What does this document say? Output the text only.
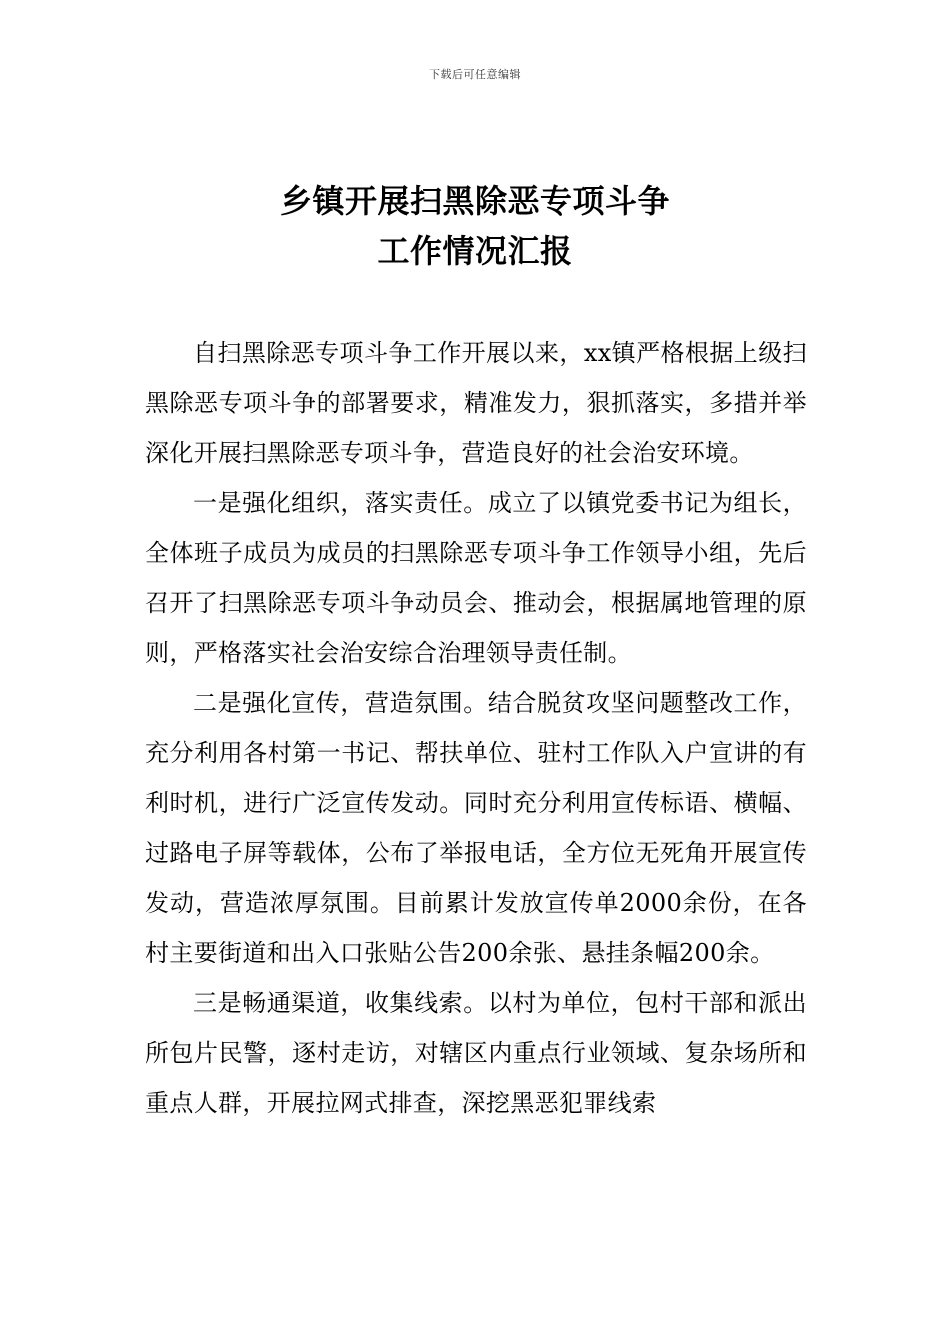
下载后可任意编辑
乡镇开展扫黑除恶专项斗争
工作情况汇报

自扫黑除恶专项斗争工作开展以来，xx镇严格根据上级扫黑除恶专项斗争的部署要求，精准发力，狠抓落实，多措并举深化开展扫黑除恶专项斗争，营造良好的社会治安环境。

一是强化组织，落实责任。成立了以镇党委书记为组长，全体班子成员为成员的扫黑除恶专项斗争工作领导小组，先后召开了扫黑除恶专项斗争动员会、推动会，根据属地管理的原则，严格落实社会治安综合治理领导责任制。

二是强化宣传，营造氛围。结合脱贫攻坚问题整改工作，充分利用各村第一书记、帮扶单位、驻村工作队入户宣讲的有利时机，进行广泛宣传发动。同时充分利用宣传标语、横幅、过路电子屏等载体，公布了举报电话，全方位无死角开展宣传发动，营造浓厚氛围。目前累计发放宣传单2000余份，在各村主要街道和出入口张贴公告200余张、悬挂条幅200余。

三是畅通渠道，收集线索。以村为单位，包村干部和派出所包片民警，逐村走访，对辖区内重点行业领域、复杂场所和重点人群，开展拉网式排查，深挖黑恶犯罪线索
